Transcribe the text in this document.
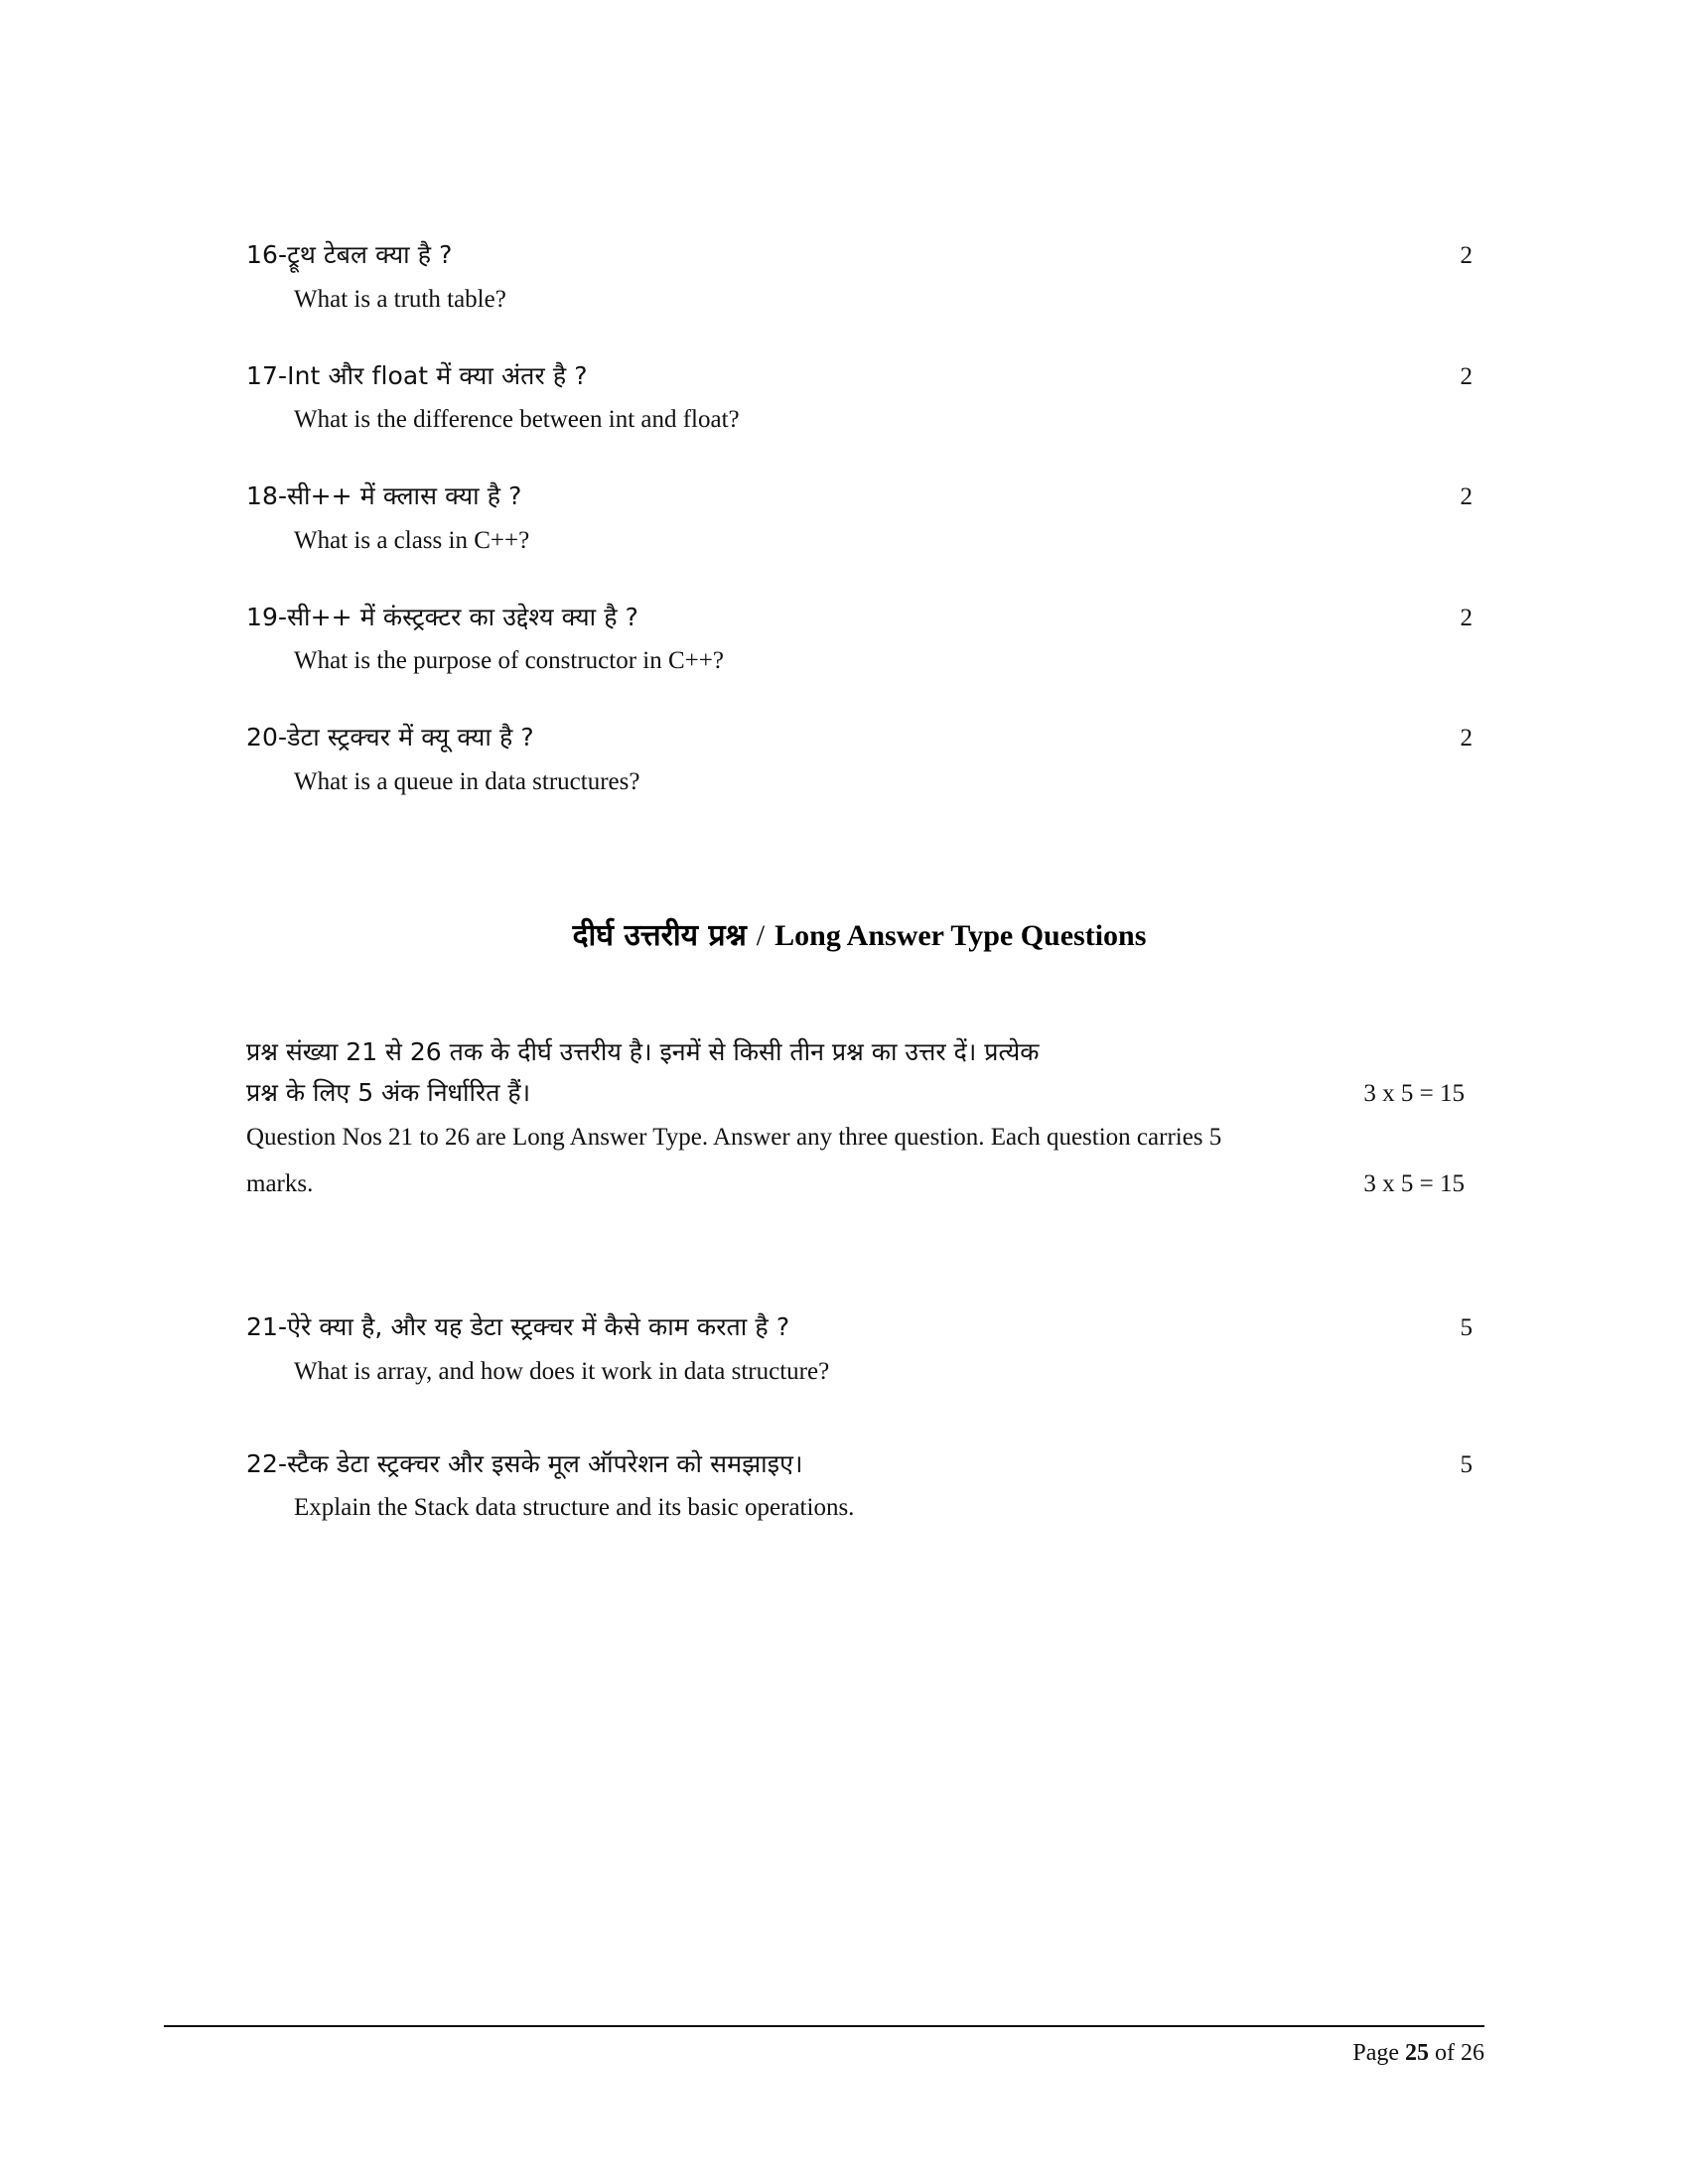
16-ट्रूथ टेबल क्या है ?	2
What is a truth table?
17-Int और float में क्या अंतर है ?	2
What is the difference between int and float?
18-सी++ में क्लास क्या है ?	2
What is a class in C++?
19-सी++ में कंस्ट्रक्टर का उद्देश्य क्या है ?	2
What is the purpose of constructor in C++?
20-डेटा स्ट्रक्चर में क्यू क्या है ?	2
What is a queue in data structures?
दीर्घ उत्तरीय प्रश्न / Long Answer Type Questions
प्रश्न संख्या 21 से 26 तक के दीर्घ उत्तरीय है। इनमें से किसी तीन प्रश्न का उत्तर दें। प्रत्येक
प्रश्न के लिए 5 अंक निर्धारित हैं।	3 x 5 = 15
Question Nos 21 to 26 are Long Answer Type. Answer any three question. Each question carries 5
marks.	3 x 5 = 15
21-ऐरे क्या है, और यह डेटा स्ट्रक्चर में कैसे काम करता है ?	5
What is array, and how does it work in data structure?
22-स्टैक डेटा स्ट्रक्चर और इसके मूल ऑपरेशन को समझाइए।	5
Explain the Stack data structure and its basic operations.
Page 25 of 26
